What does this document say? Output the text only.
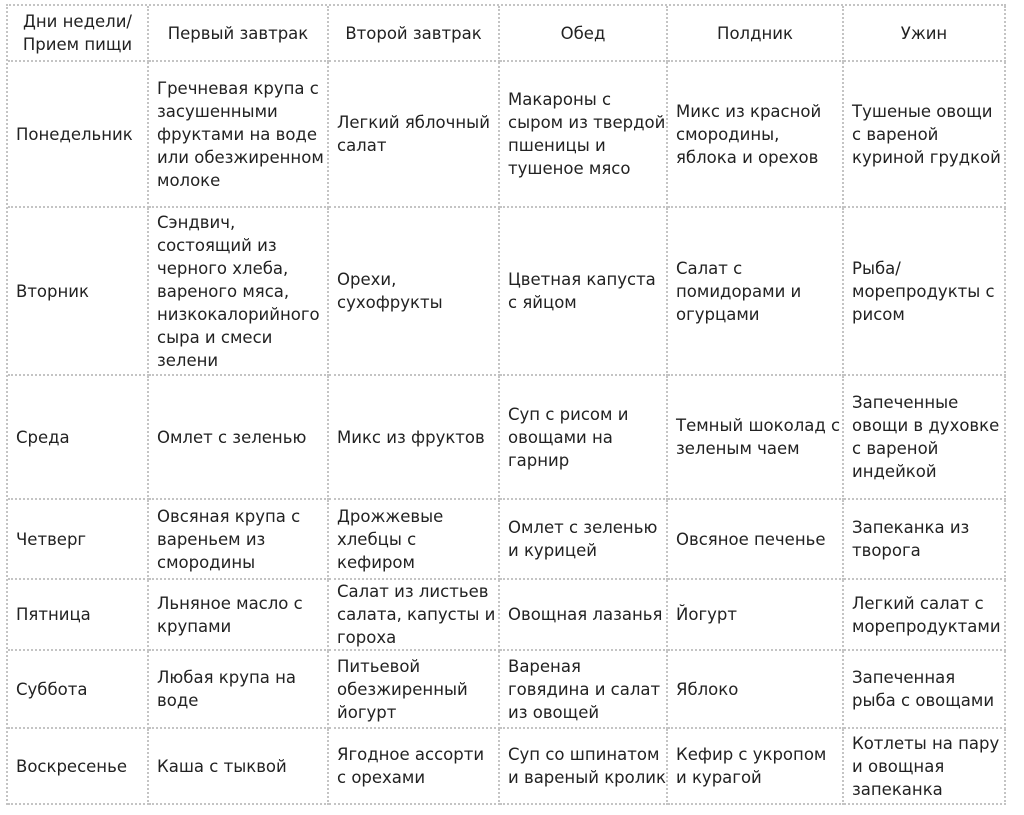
Дни недели/
Прием пищи	Первый завтрак	Второй завтрак	Обед	Полдник	Ужин
Понедельник	Гречневая крупа с засушенными фруктами на воде или обезжиренном молоке	Легкий яблочный салат	Макароны с сыром из твердой пшеницы и тушеное мясо	Микс из красной смородины, яблока и орехов	Тушеные овощи с вареной куриной грудкой
Вторник	Сэндвич, состоящий из черного хлеба, вареного мяса, низкокалорийного сыра и смеси зелени	Орехи, сухофрукты	Цветная капуста с яйцом	Салат с помидорами и огурцами	Рыба/ морепродукты с рисом
Среда	Омлет с зеленью	Микс из фруктов	Суп с рисом и овощами на гарнир	Темный шоколад с зеленым чаем	Запеченные овощи в духовке с вареной индейкой
Четверг	Овсяная крупа с вареньем из смородины	Дрожжевые хлебцы с кефиром	Омлет с зеленью и курицей	Овсяное печенье	Запеканка из творога
Пятница	Льняное масло с крупами	Салат из листьев салата, капусты и гороха	Овощная лазанья	Йогурт	Легкий салат с морепродуктами
Суббота	Любая крупа на воде	Питьевой обезжиренный йогурт	Вареная говядина и салат из овощей	Яблоко	Запеченная рыба с овощами
Воскресенье	Каша с тыквой	Ягодное ассорти с орехами	Суп со шпинатом и вареный кролик	Кефир с укропом и курагой	Котлеты на пару и овощная запеканка
